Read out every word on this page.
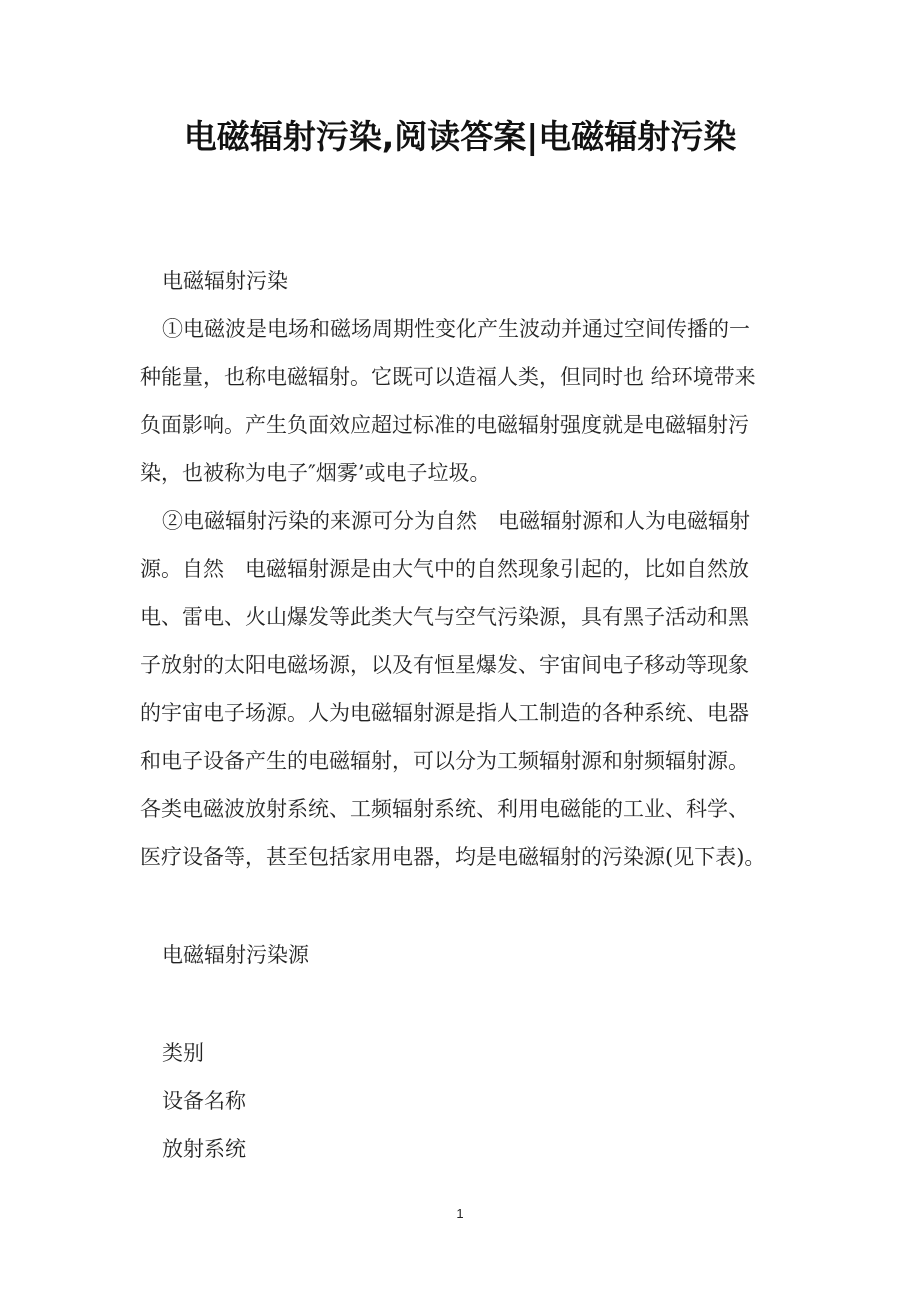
电磁辐射污染,阅读答案|电磁辐射污染
电磁辐射污染
①电磁波是电场和磁场周期性变化产生波动并通过空间传播的一
种能量，也称电磁辐射。它既可以造福人类，但同时也 给环境带来
负面影响。产生负面效应超过标准的电磁辐射强度就是电磁辐射污
染，也被称为电子″烟雾’或电子垃圾。
②电磁辐射污染的来源可分为自然　电磁辐射源和人为电磁辐射
源。自然　电磁辐射源是由大气中的自然现象引起的，比如自然放
电、雷电、火山爆发等此类大气与空气污染源，具有黑子活动和黑
子放射的太阳电磁场源，以及有恒星爆发、宇宙间电子移动等现象
的宇宙电子场源。人为电磁辐射源是指人工制造的各种系统、电器
和电子设备产生的电磁辐射，可以分为工频辐射源和射频辐射源。
各类电磁波放射系统、工频辐射系统、利用电磁能的工业、科学、
医疗设备等，甚至包括家用电器，均是电磁辐射的污染源(见下表)。
电磁辐射污染源
类别
设备名称
放射系统
1
